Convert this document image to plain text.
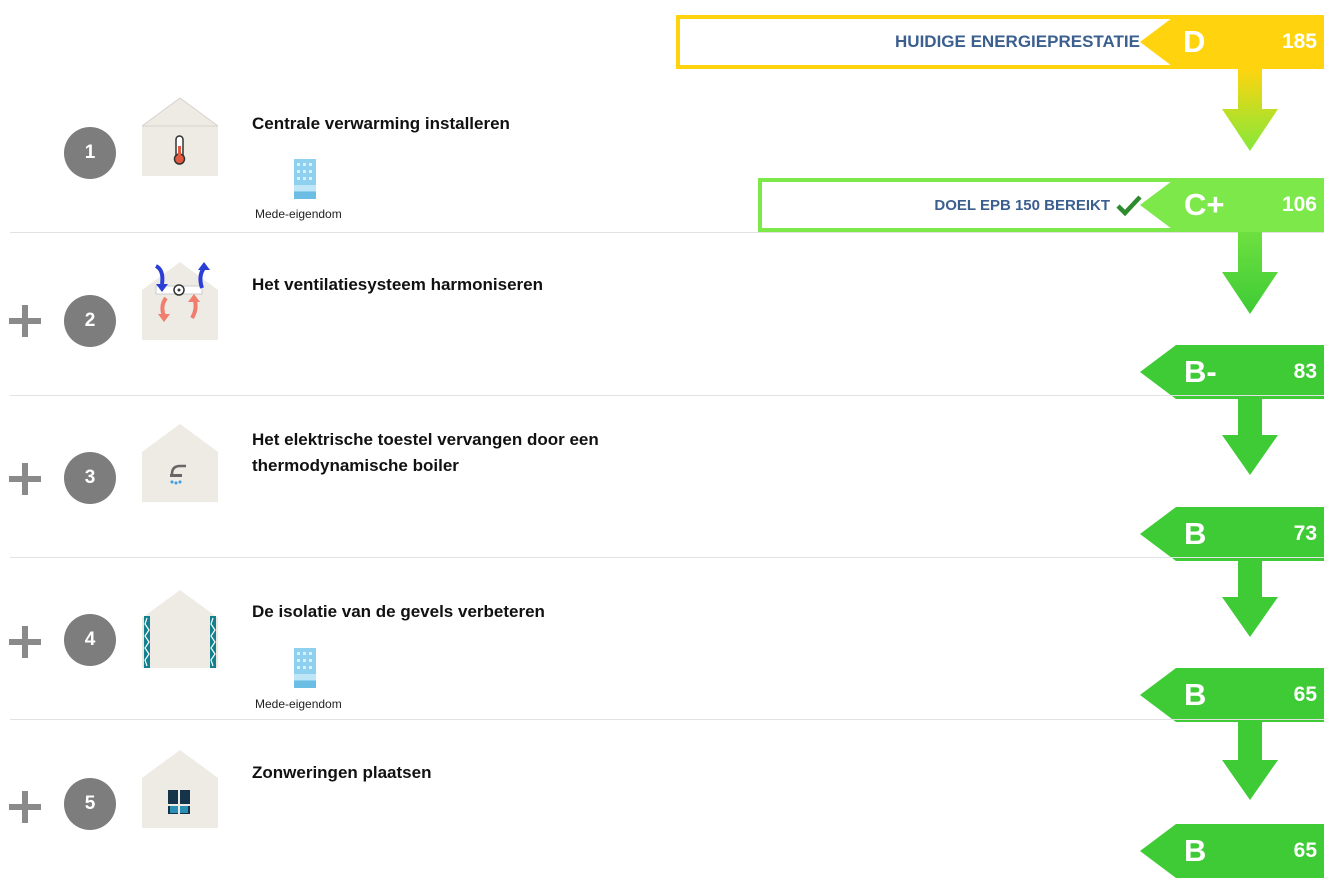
HUIDIGE ENERGIEPRESTATIE D	185
1
Centrale verwarming installeren
Mede-eigendom
DOEL EPB 150 BEREIKT C+	106
2
Het ventilatiesysteem harmoniseren
B-	83
3
Het elektrische toestel vervangen door een
thermodynamische boiler
B	73
4
De isolatie van de gevels verbeteren
Mede-eigendom	B	65
5
Zonweringen plaatsen
B	65
